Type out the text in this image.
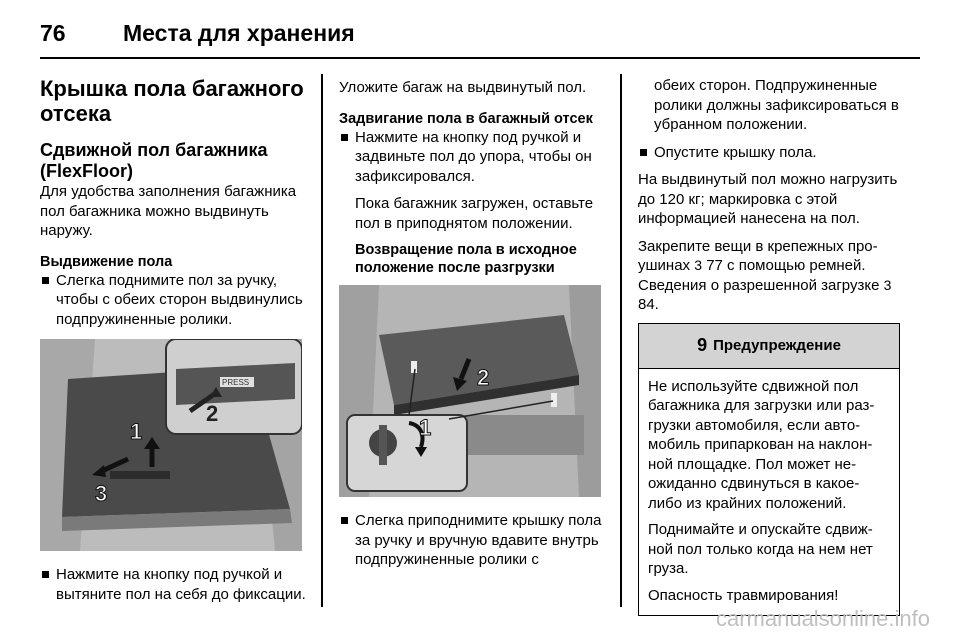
76 Места для хранения

Крышка пола багажного отсека

Сдвижной пол багажника (FlexFloor)

Для удобства заполнения багажника пол багажника можно выдвинуть наружу.

Выдвижение пола

Слегка поднимите пол за ручку, чтобы с обеих сторон выдвинулись подпружиненные ролики.
PRESS
2
1
3
Нажмите на кнопку под ручкой и вытяните пол на себя до фиксации.

Уложите багаж на выдвинутый пол.

Задвигание пола в багажный отсек

Нажмите на кнопку под ручкой и задвиньте пол до упора, чтобы он зафиксировался.

Пока багажник загружен, оставьте пол в приподнятом положении.

Возвращение пола в исходное положение после разгрузки

2
1
Слегка приподнимите крышку пола за ручку и вручную вдавите внутрь подпружиненные ролики с

обеих сторон. Подпружиненные ролики должны зафиксироваться в убранном положении.

Опустите крышку пола.

На выдвинутый пол можно нагрузить до 120 кг; маркировка с этой информацией нанесена на пол.

Закрепите вещи в крепежных проушинах 3 77 с помощью ремней. Сведения о разрешенной загрузке 3 84.

9 Предупреждение

Не используйте сдвижной пол багажника для загрузки или разгрузки автомобиля, если автомобиль припаркован на наклонной площадке. Пол может неожиданно сдвинуться в какое-либо из крайних положений.

Поднимайте и опускайте сдвижной пол только когда на нем нет груза.

Опасность травмирования!

carmanualsonline.info
